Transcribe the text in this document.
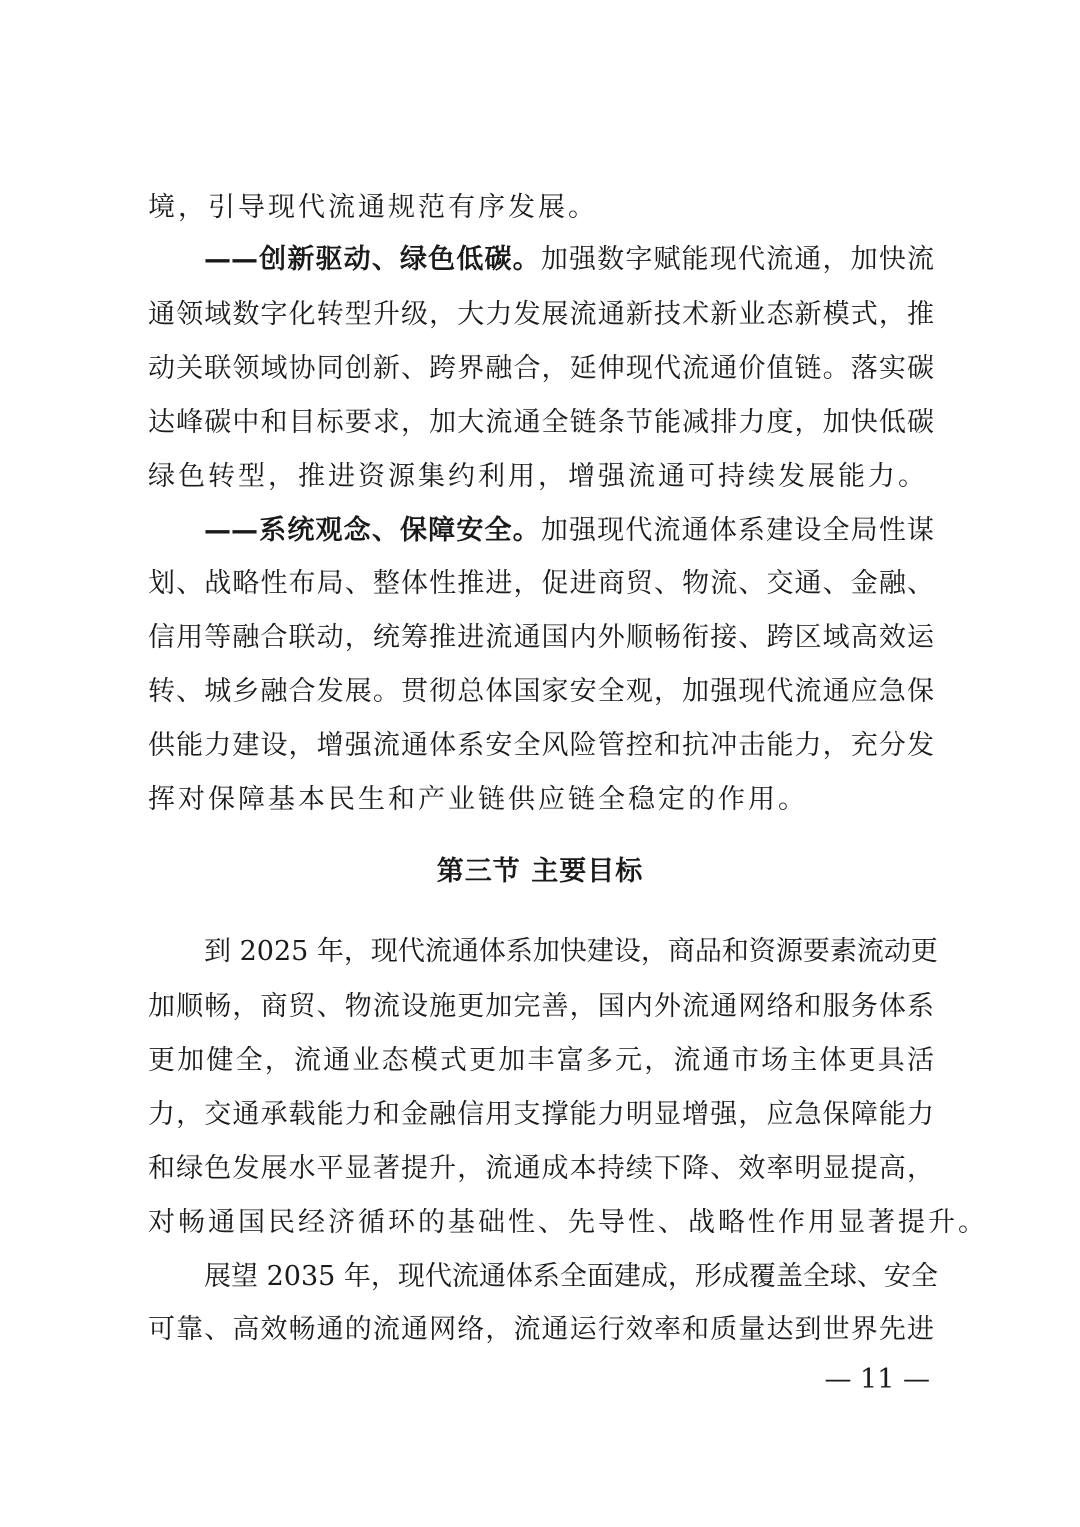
境，引导现代流通规范有序发展。
——创新驱动、绿色低碳。加强数字赋能现代流通，加快流
通领域数字化转型升级，大力发展流通新技术新业态新模式，推
动关联领域协同创新、跨界融合，延伸现代流通价值链。落实碳
达峰碳中和目标要求，加大流通全链条节能减排力度，加快低碳
绿色转型，推进资源集约利用，增强流通可持续发展能力。
——系统观念、保障安全。加强现代流通体系建设全局性谋
划、战略性布局、整体性推进，促进商贸、物流、交通、金融、
信用等融合联动，统筹推进流通国内外顺畅衔接、跨区域高效运
转、城乡融合发展。贯彻总体国家安全观，加强现代流通应急保
供能力建设，增强流通体系安全风险管控和抗冲击能力，充分发
挥对保障基本民生和产业链供应链全稳定的作用。
第三节 主要目标
到 2025 年，现代流通体系加快建设，商品和资源要素流动更
加顺畅，商贸、物流设施更加完善，国内外流通网络和服务体系
更加健全，流通业态模式更加丰富多元，流通市场主体更具活
力，交通承载能力和金融信用支撑能力明显增强，应急保障能力
和绿色发展水平显著提升，流通成本持续下降、效率明显提高，
对畅通国民经济循环的基础性、先导性、战略性作用显著提升。
展望 2035 年，现代流通体系全面建成，形成覆盖全球、安全
可靠、高效畅通的流通网络，流通运行效率和质量达到世界先进
— 11 —
